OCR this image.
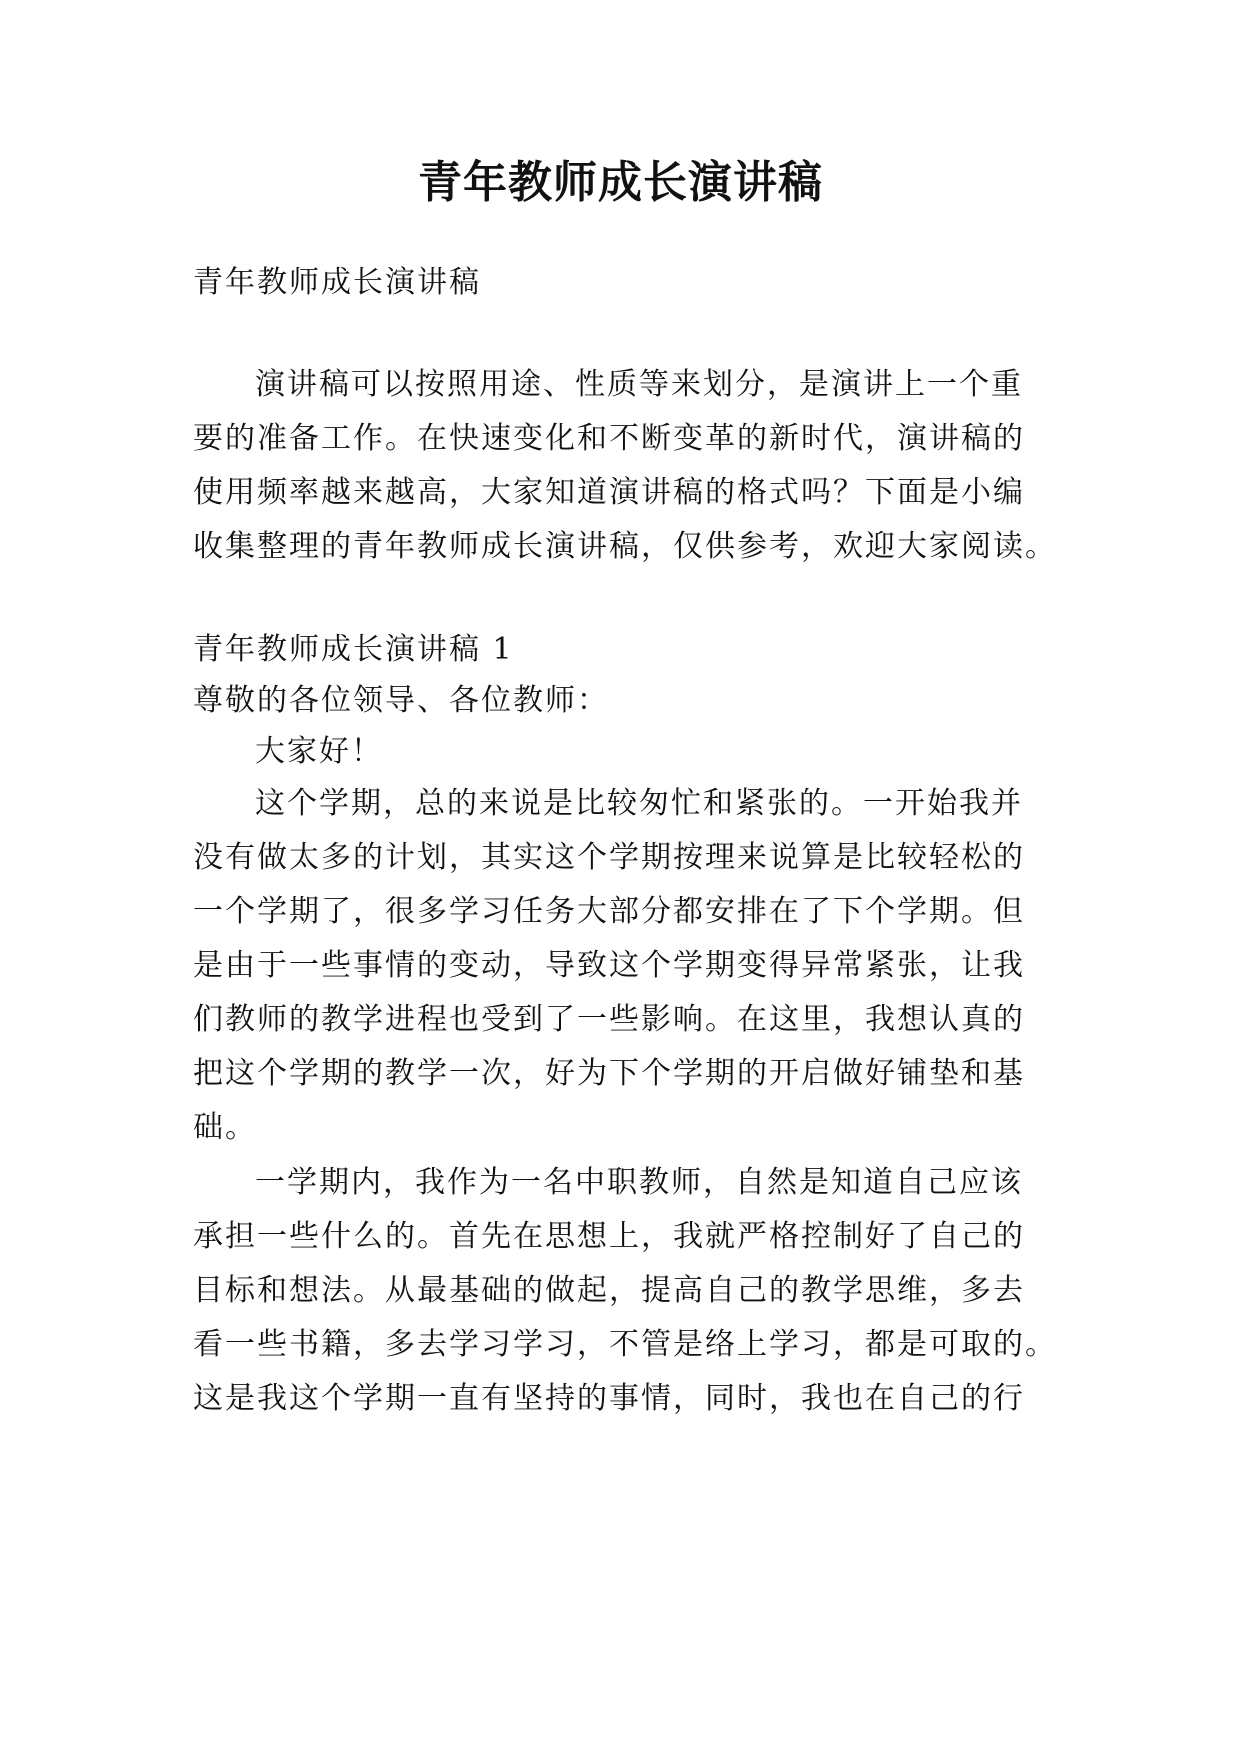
青年教师成长演讲稿

青年教师成长演讲稿

演讲稿可以按照用途、性质等来划分，是演讲上一个重

要的准备工作。在快速变化和不断变革的新时代，演讲稿的

使用频率越来越高，大家知道演讲稿的格式吗？下面是小编

收集整理的青年教师成长演讲稿，仅供参考，欢迎大家阅读。

青年教师成长演讲稿 1

尊敬的各位领导、各位教师：

大家好！

这个学期，总的来说是比较匆忙和紧张的。一开始我并

没有做太多的计划，其实这个学期按理来说算是比较轻松的

一个学期了，很多学习任务大部分都安排在了下个学期。但

是由于一些事情的变动，导致这个学期变得异常紧张，让我

们教师的教学进程也受到了一些影响。在这里，我想认真的

把这个学期的教学一次，好为下个学期的开启做好铺垫和基

础。

一学期内，我作为一名中职教师，自然是知道自己应该

承担一些什么的。首先在思想上，我就严格控制好了自己的

目标和想法。从最基础的做起，提高自己的教学思维，多去

看一些书籍，多去学习学习，不管是络上学习，都是可取的。

这是我这个学期一直有坚持的事情，同时，我也在自己的行
